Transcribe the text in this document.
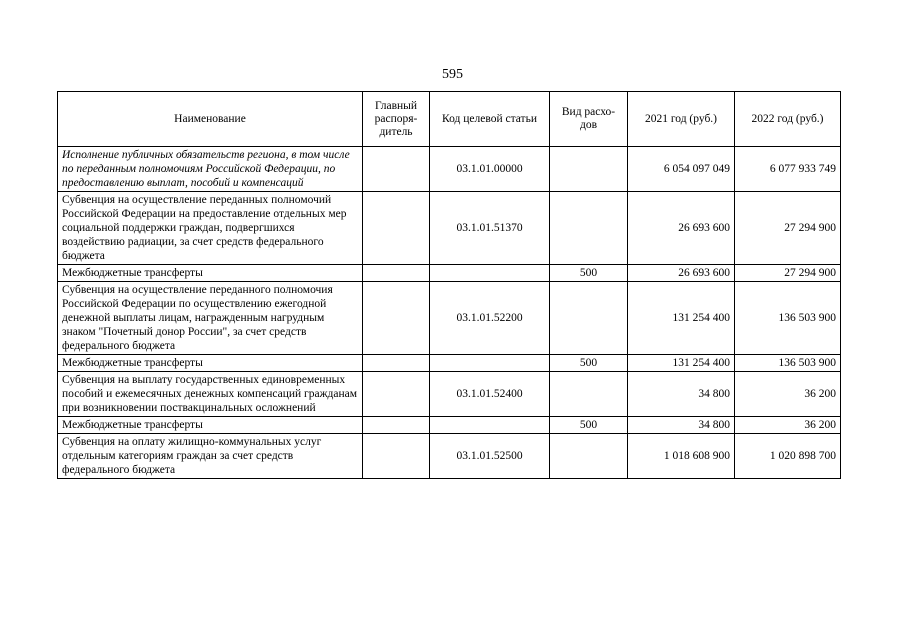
595
Наименование	Главный распоря-дитель	Код целевой статьи	Вид расхо-дов	2021 год (руб.)	2022 год (руб.)
Исполнение публичных обязательств региона, в том числе по переданным полномочиям Российской Федерации, по предоставлению выплат, пособий и компенсаций		03.1.01.00000		6 054 097 049	6 077 933 749
Субвенция на осуществление переданных полномочий Российской Федерации на предоставление отдельных мер социальной поддержки граждан, подвергшихся воздействию радиации, за счет средств федерального бюджета		03.1.01.51370		26 693 600	27 294 900
Межбюджетные трансферты			500	26 693 600	27 294 900
Субвенция на осуществление переданного полномочия Российской Федерации по осуществлению ежегодной денежной выплаты лицам, награжденным нагрудным знаком "Почетный донор России", за счет средств федерального бюджета		03.1.01.52200		131 254 400	136 503 900
Межбюджетные трансферты			500	131 254 400	136 503 900
Субвенция на выплату государственных единовременных пособий и ежемесячных денежных компенсаций гражданам при возникновении поствакцинальных осложнений		03.1.01.52400		34 800	36 200
Межбюджетные трансферты			500	34 800	36 200
Субвенция на оплату жилищно-коммунальных услуг отдельным категориям граждан за счет средств федерального бюджета		03.1.01.52500		1 018 608 900	1 020 898 700
